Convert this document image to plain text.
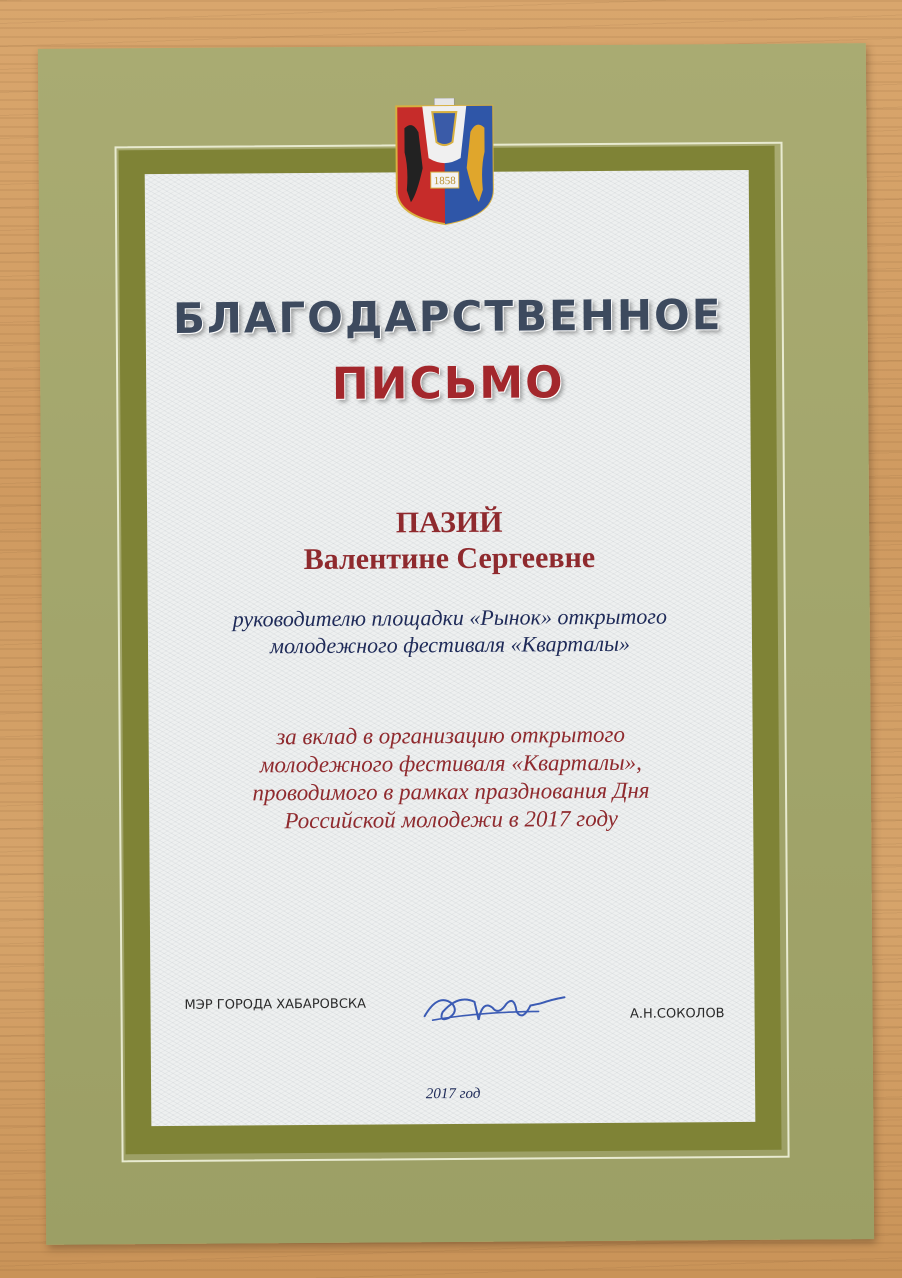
1858
БЛАГОДАРСТВЕННОЕ
ПИСЬМО
ПАЗИЙ
Валентине Сергеевне
руководителю площадки «Рынок» открытого
молодежного фестиваля «Кварталы»
за вклад в организацию открытого
молодежного фестиваля «Кварталы»,
проводимого в рамках празднования Дня
Российской молодежи в 2017 году
МЭР ГОРОДА ХАБАРОВСКА
А.Н.СОКОЛОВ
2017 год
